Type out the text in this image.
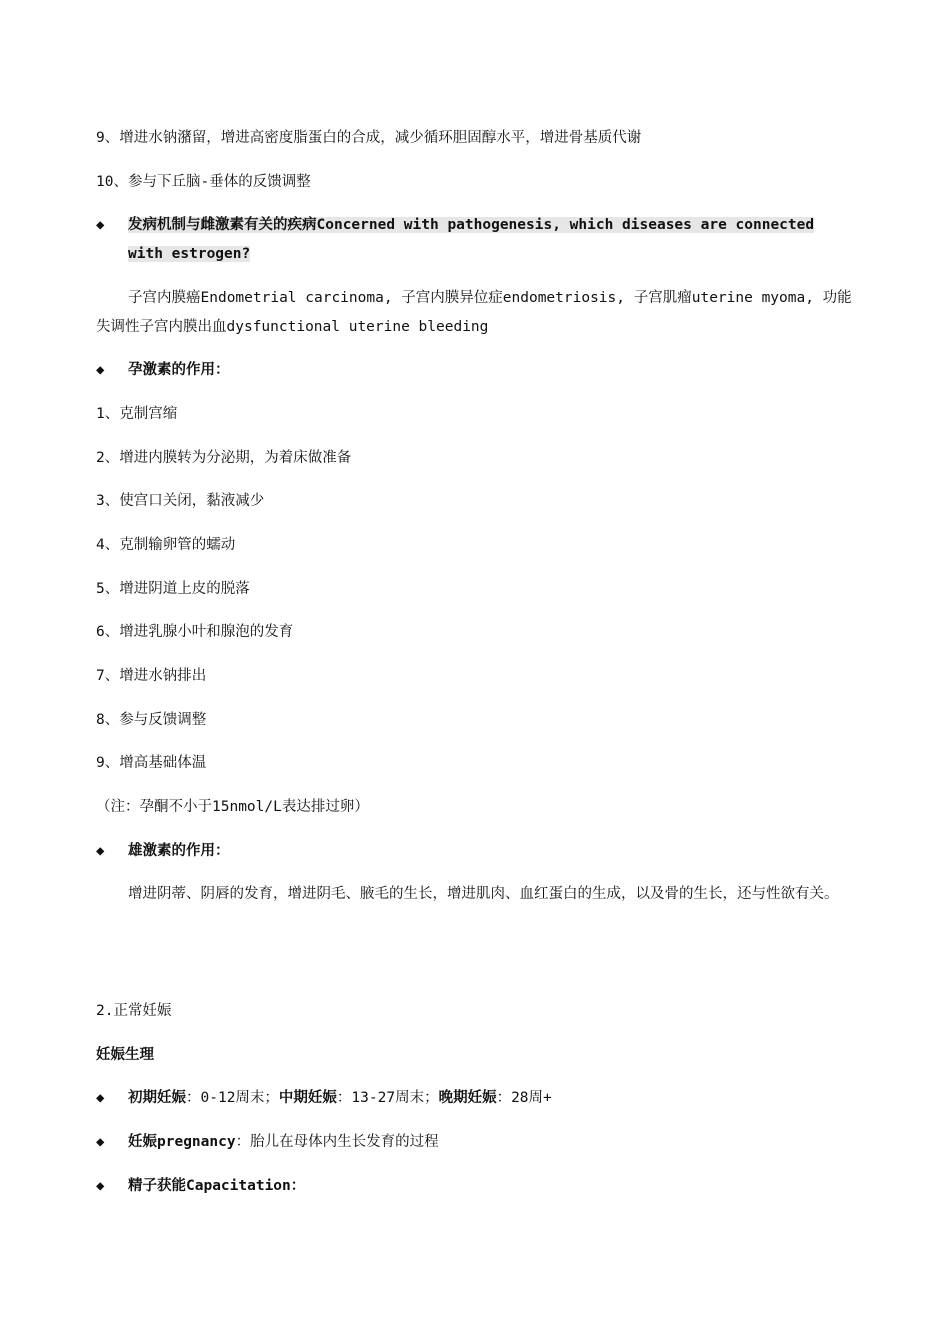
9、增进水钠潴留，增进高密度脂蛋白的合成，减少循环胆固醇水平，增进骨基质代谢
10、参与下丘脑-垂体的反馈调整
◆ 发病机制与雌激素有关的疾病Concerned with pathogenesis, which diseases are connected
with estrogen?
子宫内膜癌Endometrial carcinoma, 子宫内膜异位症endometriosis, 子宫肌瘤uterine myoma, 功能失调性子宫内膜出血dysfunctional uterine bleeding
◆ 孕激素的作用：
1、克制宫缩
2、增进内膜转为分泌期，为着床做准备
3、使宫口关闭，黏液减少
4、克制输卵管的蠕动
5、增进阴道上皮的脱落
6、增进乳腺小叶和腺泡的发育
7、增进水钠排出
8、参与反馈调整
9、增高基础体温
（注：孕酮不小于15nmol/L表达排过卵）
◆ 雄激素的作用：
增进阴蒂、阴唇的发育，增进阴毛、腋毛的生长，增进肌肉、血红蛋白的生成，以及骨的生长，还与性欲有关。
2.正常妊娠
妊娠生理
◆ 初期妊娠：0-12周末；中期妊娠：13-27周末；晚期妊娠：28周+
◆ 妊娠pregnancy：胎儿在母体内生长发育的过程
◆ 精子获能Capacitation：
